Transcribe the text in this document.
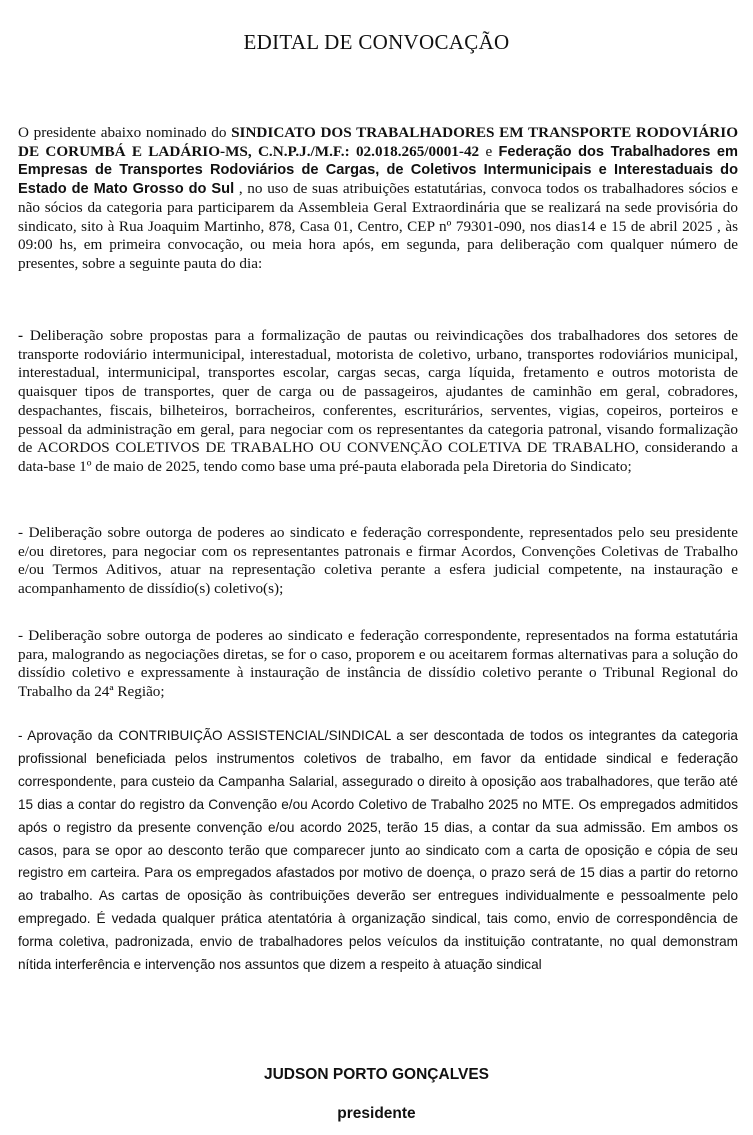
EDITAL DE CONVOCAÇÃO

O presidente abaixo nominado do SINDICATO DOS TRABALHADORES EM TRANSPORTE RODOVIÁRIO DE CORUMBÁ E LADÁRIO-MS, C.N.P.J./M.F.: 02.018.265/0001-42 e Federação dos Trabalhadores em Empresas de Transportes Rodoviários de Cargas, de Coletivos Intermunicipais e Interestaduais do Estado de Mato Grosso do Sul , no uso de suas atribuições estatutárias, convoca todos os trabalhadores sócios e não sócios da categoria para participarem da Assembleia Geral Extraordinária que se realizará na sede provisória do sindicato, sito à Rua Joaquim Martinho, 878, Casa 01, Centro, CEP nº 79301-090, nos dias14 e 15 de abril 2025 , às 09:00 hs, em primeira convocação, ou meia hora após, em segunda, para deliberação com qualquer número de presentes, sobre a seguinte pauta do dia:

- Deliberação sobre propostas para a formalização de pautas ou reivindicações dos trabalhadores dos setores de transporte rodoviário intermunicipal, interestadual, motorista de coletivo, urbano, transportes rodoviários municipal, interestadual, intermunicipal, transportes escolar, cargas secas, carga líquida, fretamento e outros motorista de quaisquer tipos de transportes, quer de carga ou de passageiros, ajudantes de caminhão em geral, cobradores, despachantes, fiscais, bilheteiros, borracheiros, conferentes, escriturários, serventes, vigias, copeiros, porteiros e pessoal da administração em geral, para negociar com os representantes da categoria patronal, visando formalização de ACORDOS COLETIVOS DE TRABALHO OU CONVENÇÃO COLETIVA DE TRABALHO, considerando a data-base 1º de maio de 2025, tendo como base uma pré-pauta elaborada pela Diretoria do Sindicato;

- Deliberação sobre outorga de poderes ao sindicato e federação correspondente, representados pelo seu presidente e/ou diretores, para negociar com os representantes patronais e firmar Acordos, Convenções Coletivas de Trabalho e/ou Termos Aditivos, atuar na representação coletiva perante a esfera judicial competente, na instauração e acompanhamento de dissídio(s) coletivo(s);

- Deliberação sobre outorga de poderes ao sindicato e federação correspondente, representados na forma estatutária para, malogrando as negociações diretas, se for o caso, proporem e ou aceitarem formas alternativas para a solução do dissídio coletivo e expressamente à instauração de instância de dissídio coletivo perante o Tribunal Regional do Trabalho da 24ª Região;

- Aprovação da CONTRIBUIÇÃO ASSISTENCIAL/SINDICAL a ser descontada de todos os integrantes da categoria profissional beneficiada pelos instrumentos coletivos de trabalho, em favor da entidade sindical e federação correspondente, para custeio da Campanha Salarial, assegurado o direito à oposição aos trabalhadores, que terão até 15 dias a contar do registro da Convenção e/ou Acordo Coletivo de Trabalho 2025 no MTE. Os empregados admitidos após o registro da presente convenção e/ou acordo 2025, terão 15 dias, a contar da sua admissão. Em ambos os casos, para se opor ao desconto terão que comparecer junto ao sindicato com a carta de oposição e cópia de seu registro em carteira. Para os empregados afastados por motivo de doença, o prazo será de 15 dias a partir do retorno ao trabalho. As cartas de oposição às contribuições deverão ser entregues individualmente e pessoalmente pelo empregado. É vedada qualquer prática atentatória à organização sindical, tais como, envio de correspondência de forma coletiva, padronizada, envio de trabalhadores pelos veículos da instituição contratante, no qual demonstram nítida interferência e intervenção nos assuntos que dizem a respeito à atuação sindical

JUDSON PORTO GONÇALVES
presidente
